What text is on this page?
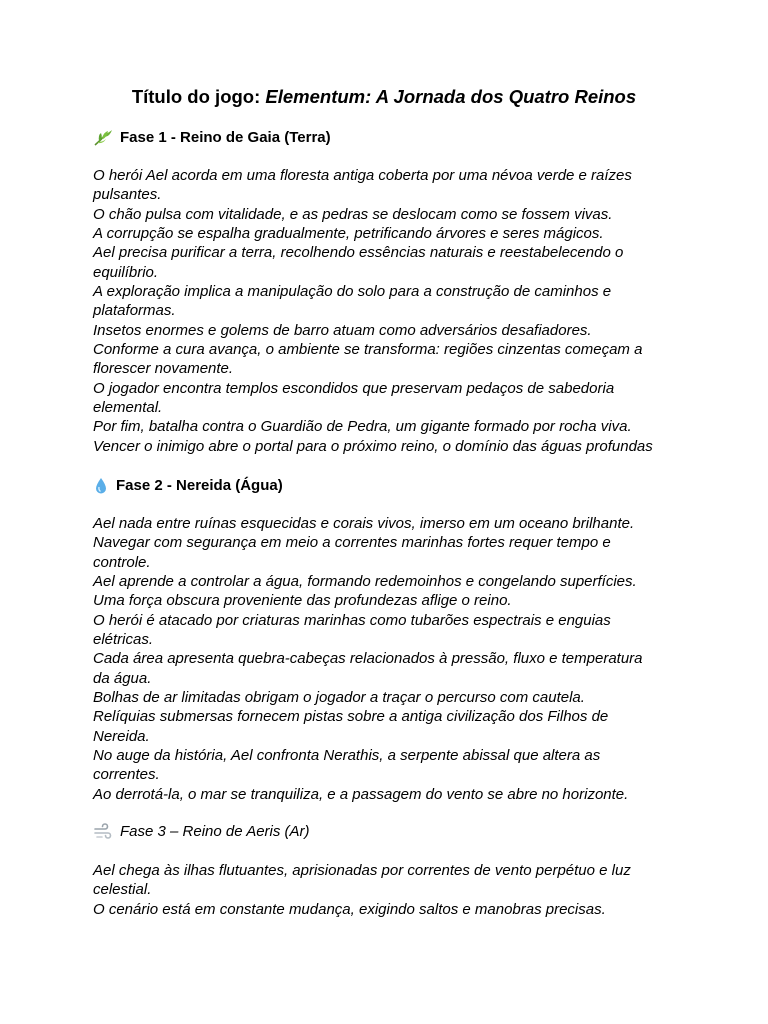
Título do jogo: Elementum: A Jornada dos Quatro Reinos
Fase 1 - Reino de Gaia (Terra)
O herói Ael acorda em uma floresta antiga coberta por uma névoa verde e raízes
pulsantes.
O chão pulsa com vitalidade, e as pedras se deslocam como se fossem vivas.
A corrupção se espalha gradualmente, petrificando árvores e seres mágicos.
Ael precisa purificar a terra, recolhendo essências naturais e reestabelecendo o
equilíbrio.
A exploração implica a manipulação do solo para a construção de caminhos e
plataformas.
Insetos enormes e golems de barro atuam como adversários desafiadores.
Conforme a cura avança, o ambiente se transforma: regiões cinzentas começam a
florescer novamente.
O jogador encontra templos escondidos que preservam pedaços de sabedoria
elemental.
Por fim, batalha contra o Guardião de Pedra, um gigante formado por rocha viva.
Vencer o inimigo abre o portal para o próximo reino, o domínio das águas profundas
Fase 2 - Nereida (Água)
Ael nada entre ruínas esquecidas e corais vivos, imerso em um oceano brilhante.
Navegar com segurança em meio a correntes marinhas fortes requer tempo e
controle.
Ael aprende a controlar a água, formando redemoinhos e congelando superfícies.
Uma força obscura proveniente das profundezas aflige o reino.
O herói é atacado por criaturas marinhas como tubarões espectrais e enguias
elétricas.
Cada área apresenta quebra-cabeças relacionados à pressão, fluxo e temperatura
da água.
Bolhas de ar limitadas obrigam o jogador a traçar o percurso com cautela.
Relíquias submersas fornecem pistas sobre a antiga civilização dos Filhos de
Nereida.
No auge da história, Ael confronta Nerathis, a serpente abissal que altera as
correntes.
Ao derrotá-la, o mar se tranquiliza, e a passagem do vento se abre no horizonte.
Fase 3 – Reino de Aeris (Ar)
Ael chega às ilhas flutuantes, aprisionadas por correntes de vento perpétuo e luz
celestial.
O cenário está em constante mudança, exigindo saltos e manobras precisas.
